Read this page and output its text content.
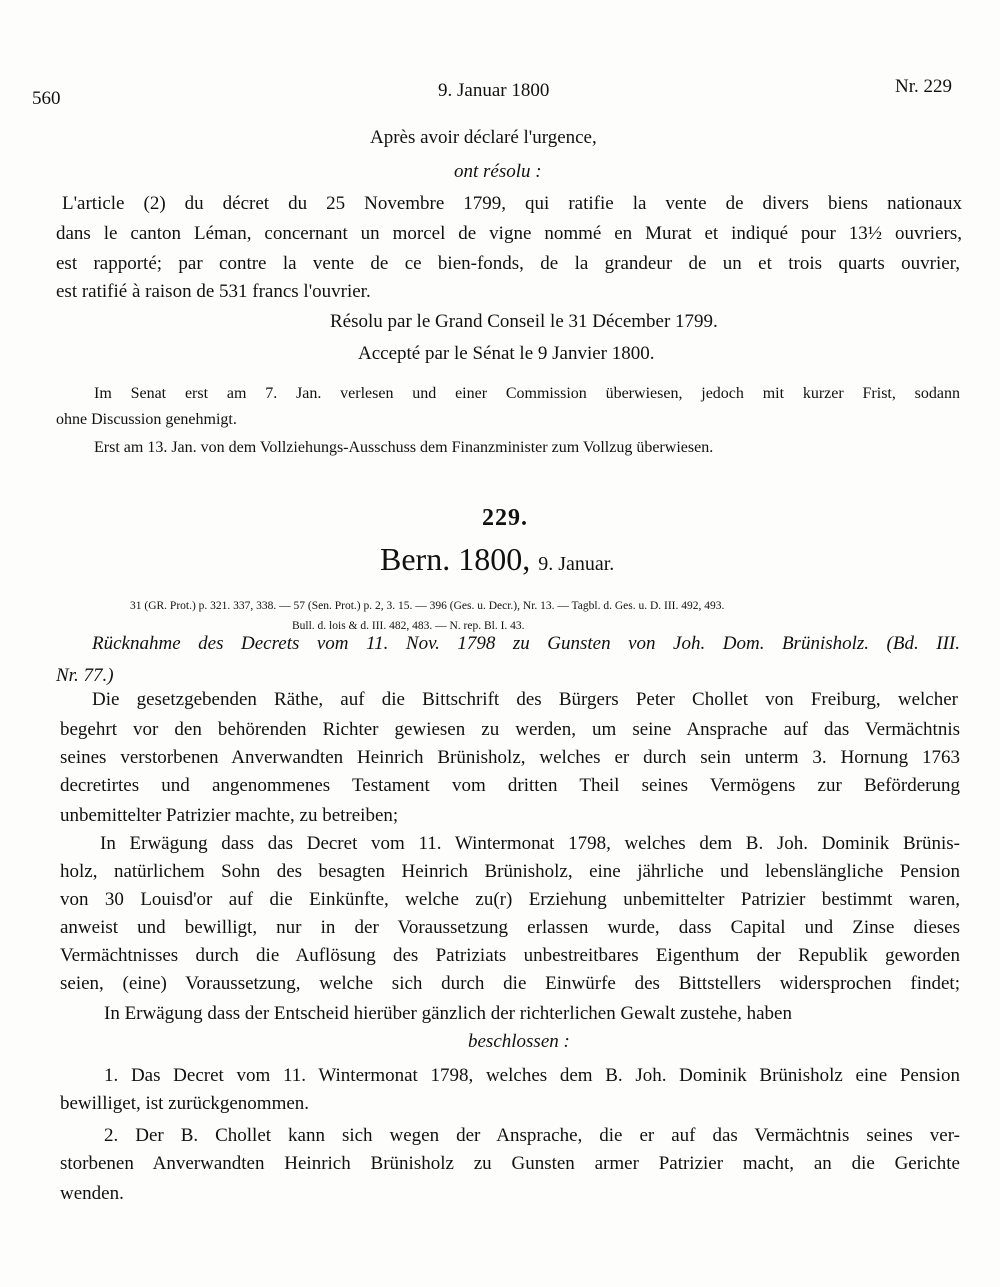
560	9. Januar 1800	Nr. 229
Après avoir déclaré l'urgence,
ont résolu :
L'article (2) du décret du 25 Novembre 1799, qui ratifie la vente de divers biens nationaux
dans le canton Léman, concernant un morcel de vigne nommé en Murat et indiqué pour 13½ ouvriers,
est rapporté; par contre la vente de ce bien-fonds, de la grandeur de un et trois quarts ouvrier,
est ratifié à raison de 531 francs l'ouvrier.
Résolu par le Grand Conseil le 31 Décember 1799.
Accepté par le Sénat le 9 Janvier 1800.
Im Senat erst am 7. Jan. verlesen und einer Commission überwiesen, jedoch mit kurzer Frist, sodann
ohne Discussion genehmigt.
Erst am 13. Jan. von dem Vollziehungs-Ausschuss dem Finanzminister zum Vollzug überwiesen.
229.
Bern. 1800, 9. Januar.
31 (GR. Prot.) p. 321. 337, 338. — 57 (Sen. Prot.) p. 2, 3. 15. — 396 (Ges. u. Decr.), Nr. 13. — Tagbl. d. Ges. u. D. III. 492, 493.
Bull. d. lois & d. III. 482, 483. — N. rep. Bl. I. 43.
Rücknahme des Decrets vom 11. Nov. 1798 zu Gunsten von Joh. Dom. Brünisholz. (Bd. III.
Nr. 77.)
Die gesetzgebenden Räthe, auf die Bittschrift des Bürgers Peter Chollet von Freiburg, welcher
begehrt vor den behörenden Richter gewiesen zu werden, um seine Ansprache auf das Vermächtnis
seines verstorbenen Anverwandten Heinrich Brünisholz, welches er durch sein unterm 3. Hornung 1763
decretirtes und angenommenes Testament vom dritten Theil seines Vermögens zur Beförderung
unbemittelter Patrizier machte, zu betreiben;
In Erwägung dass das Decret vom 11. Wintermonat 1798, welches dem B. Joh. Dominik Brünis-
holz, natürlichem Sohn des besagten Heinrich Brünisholz, eine jährliche und lebenslängliche Pension
von 30 Louisd'or auf die Einkünfte, welche zu(r) Erziehung unbemittelter Patrizier bestimmt waren,
anweist und bewilligt, nur in der Voraussetzung erlassen wurde, dass Capital und Zinse dieses
Vermächtnisses durch die Auflösung des Patriziats unbestreitbares Eigenthum der Republik geworden
seien, (eine) Voraussetzung, welche sich durch die Einwürfe des Bittstellers widersprochen findet;
In Erwägung dass der Entscheid hierüber gänzlich der richterlichen Gewalt zustehe, haben
beschlossen :
1. Das Decret vom 11. Wintermonat 1798, welches dem B. Joh. Dominik Brünisholz eine Pension
bewilliget, ist zurückgenommen.
2. Der B. Chollet kann sich wegen der Ansprache, die er auf das Vermächtnis seines ver-
storbenen Anverwandten Heinrich Brünisholz zu Gunsten armer Patrizier macht, an die Gerichte
wenden.
